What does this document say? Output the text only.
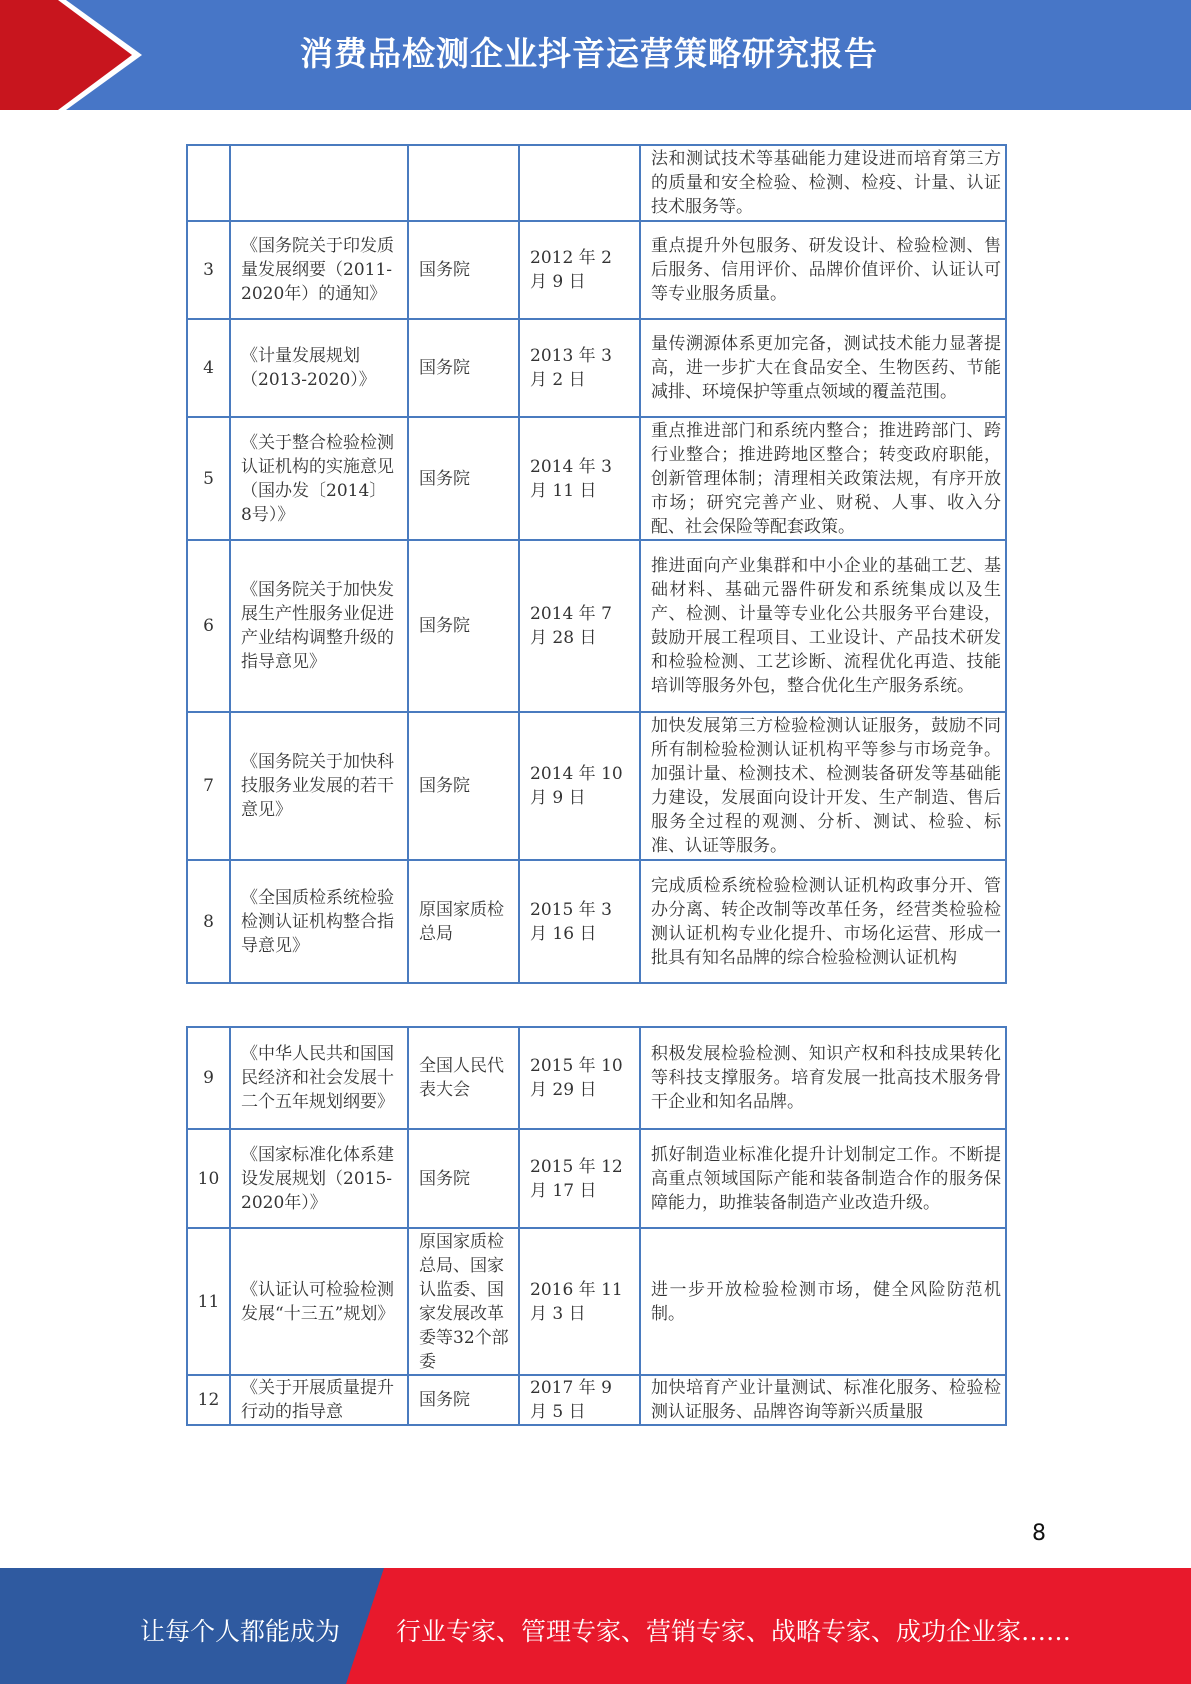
消费品检测企业抖音运营策略研究报告
				法和测试技术等基础能力建设进而培育第三方的质量和安全检验、检测、检疫、计量、认证技术服务等。
3	《国务院关于印发质量发展纲要（2011-2020年）的通知》	国务院	2012 年 2 月 9 日	重点提升外包服务、研发设计、检验检测、售后服务、信用评价、品牌价值评价、认证认可等专业服务质量。
4	《计量发展规划（2013-2020）》	国务院	2013 年 3 月 2 日	量传溯源体系更加完备，测试技术能力显著提高，进一步扩大在食品安全、生物医药、节能减排、环境保护等重点领域的覆盖范围。
5	《关于整合检验检测认证机构的实施意见（国办发〔2014〕8号）》	国务院	2014 年 3 月 11 日	重点推进部门和系统内整合；推进跨部门、跨行业整合；推进跨地区整合；转变政府职能，创新管理体制；清理相关政策法规，有序开放市场；研究完善产业、财税、人事、收入分配、社会保险等配套政策。
6	《国务院关于加快发展生产性服务业促进产业结构调整升级的指导意见》	国务院	2014 年 7 月 28 日	推进面向产业集群和中小企业的基础工艺、基础材料、基础元器件研发和系统集成以及生产、检测、计量等专业化公共服务平台建设，鼓励开展工程项目、工业设计、产品技术研发和检验检测、工艺诊断、流程优化再造、技能培训等服务外包，整合优化生产服务系统。
7	《国务院关于加快科技服务业发展的若干意见》	国务院	2014 年 10 月 9 日	加快发展第三方检验检测认证服务，鼓励不同所有制检验检测认证机构平等参与市场竞争。加强计量、检测技术、检测装备研发等基础能力建设，发展面向设计开发、生产制造、售后服务全过程的观测、分析、测试、检验、标准、认证等服务。
8	《全国质检系统检验检测认证机构整合指导意见》	原国家质检总局	2015 年 3 月 16 日	完成质检系统检验检测认证机构政事分开、管办分离、转企改制等改革任务，经营类检验检测认证机构专业化提升、市场化运营、形成一批具有知名品牌的综合检验检测认证机构
9	《中华人民共和国国民经济和社会发展十二个五年规划纲要》	全国人民代表大会	2015 年 10 月 29 日	积极发展检验检测、知识产权和科技成果转化等科技支撑服务。培育发展一批高技术服务骨干企业和知名品牌。
10	《国家标准化体系建设发展规划（2015-2020年）》	国务院	2015 年 12 月 17 日	抓好制造业标准化提升计划制定工作。不断提高重点领域国际产能和装备制造合作的服务保障能力，助推装备制造产业改造升级。
11	《认证认可检验检测发展“十三五”规划》	原国家质检总局、国家认监委、国家发展改革委等32个部委	2016 年 11 月 3 日	进一步开放检验检测市场，健全风险防范机制。
12	《关于开展质量提升行动的指导意	国务院	2017 年 9 月 5 日	加快培育产业计量测试、标准化服务、检验检测认证服务、品牌咨询等新兴质量服
8
让每个人都能成为 行业专家、管理专家、营销专家、战略专家、成功企业家……
